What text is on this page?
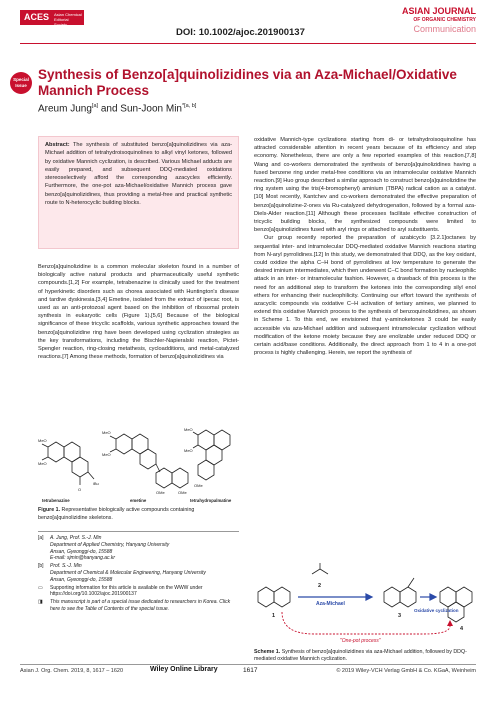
ACES Asian Chemical Editorial Society
DOI: 10.1002/ajoc.201900137
ASIAN JOURNAL
OF ORGANIC CHEMISTRY
Communication
Special Issue
Synthesis of Benzo[a]quinolizidines via an Aza-Michael/Oxidative Mannich Process
Areum Jung[a] and Sun-Joon Min$^{*[a, b]}$
Abstract: The synthesis of substituted benzo[a]quinolizidines via aza-Michael addition of tetrahydroisoquinolines to alkyl vinyl ketones, followed by oxidative Mannich cyclization, is described. Various Michael adducts are easily prepared, and subsequent DDQ-mediated oxidations stereoselectively afford the corresponding azacycles efficiently. Furthermore, the one-pot aza-Michael/oxidative Mannich process gave benzo[a]quinolizidines, thus providing a metal-free and practical synthetic route to N-heterocyclic building blocks.

Benzo[a]quinolizidine is a common molecular skeleton found in a number of biologically active natural products and pharmaceutically useful synthetic compounds.[1,2] For example, tetrabenazine is clinically used for the treatment of hyperkinetic disorders such as chorea associated with Huntington's disease and tardive dyskinesia.[3,4] Emetine, isolated from the extract of ipecac root, is used as an anti-protozoal agent based on the inhibition of ribosomal protein synthesis in eukaryotic cells (Figure 1).[5,6] Because of the biological significance of these tricyclic scaffolds, various synthetic approaches toward the benzo[a]quinolizidine ring have been developed using cyclization strategies as the key transformations, including the Bischler-Napieralski reaction, Pictet-Spengler reaction, ring-closing metathesis, cycloadditions, and metal-catalyzed reactions.[7] Among these methods, formation of benzo[a]quinolizidines via

MeO
MeO
O
iBu
MeO
MeO
OMe	OMe
MeO
MeO
OMe
tetrabenazine	emetine	tetrahydropalmatine
Figure 1. Representative biologically active compounds containing benzo[a]quinolizidine skeletons.
[a]	A. Jung, Prof. S.-J. Min
Department of Applied Chemistry, Hanyang University
Ansan, Gyeonggi-do, 15588
E-mail: sjmin@hanyang.ac.kr
[b]	Prof. S.-J. Min
Department of Chemical & Molecular Engineering, Hanyang University
Ansan, Gyeonggi-do, 15588
▭	Supporting information for this article is available on the WWW under https://doi.org/10.1002/ajoc.201900137
◨	This manuscript is part of a special issue dedicated to researchers in Korea. Click here to see the Table of Contents of the special issue.

oxidative Mannich-type cyclizations starting from di- or tetrahydroisoquinoline has attracted considerable attention in recent years because of its efficiency and step economy. Nonetheless, there are only a few reported examples of this reaction.[7,8] Wang and co-workers demonstrated the synthesis of benzo[a]quinolizidines having a fused benzene ring under metal-free conditions via an intramolecular oxidative Mannich reaction.[9] Huo group described a similar approach to construct benzo[a]quinolizidine the ring system using the tris(4-bromophenyl) aminium (TBPA) radical cation as a catalyst.[10] Most recently, Kantchev and co-workers demonstrated the effective preparation of benzo[a]quinolizine-2-ones via Ru-catalyzed dehydrogenation, followed by a formal aza-Diels-Alder reaction.[11] Although these processes facilitate effective construction of tricyclic building blocks, the synthesized compounds were limited to benzo[a]quinolizidines fused with aryl rings or attached to aryl substituents.

Our group recently reported the preparation of azabicyclo [3.2.1]octanes by sequential inter- and intramolecular DDQ-mediated oxidative Mannich reactions starting from N-aryl pyrrolidines.[12] In this study, we demonstrated that DDQ, as the key oxidant, could oxidize the alpha C–H bond of pyrrolidines at low temperature to generate the desired iminium intermediates, which then underwent C–C bond formation by nucleophilic attack in an inter- or intramolecular fashion. However, a drawback of this process is the need for an additional step to transform the ketones into the corresponding silyl enol ethers for enhancing their nucleophilicity. Continuing our effort toward the synthesis of azacyclic compounds via oxidative C–H activation of tertiary amines, we planned to extend this oxidative Mannich process to the synthesis of benzoquinolizidines, as shown in Scheme 1. To this end, we envisioned that γ-aminoketones 3 could be easily accessible via aza-Michael addition and subsequent intramolecular cyclization without modification of the ketone moiety because they are enolizable under reduced DDQ or certain acid/base conditions. Additionally, the direct approach from 1 to 4 in a one-pot process is highly challenging. Herein, we report the synthesis of

Aza-Michael
Oxidative cyclization
"One-pot process"
1
2
3
4
Scheme 1. Synthesis of benzo[a]quinolizidines via aza-Michael addition, followed by DDQ-mediated oxidative Mannich cyclization.
Asian J. Org. Chem. 2019, 8, 1617 – 1620	Wiley Online Library	1617	© 2019 Wiley-VCH Verlag GmbH & Co. KGaA, Weinheim
